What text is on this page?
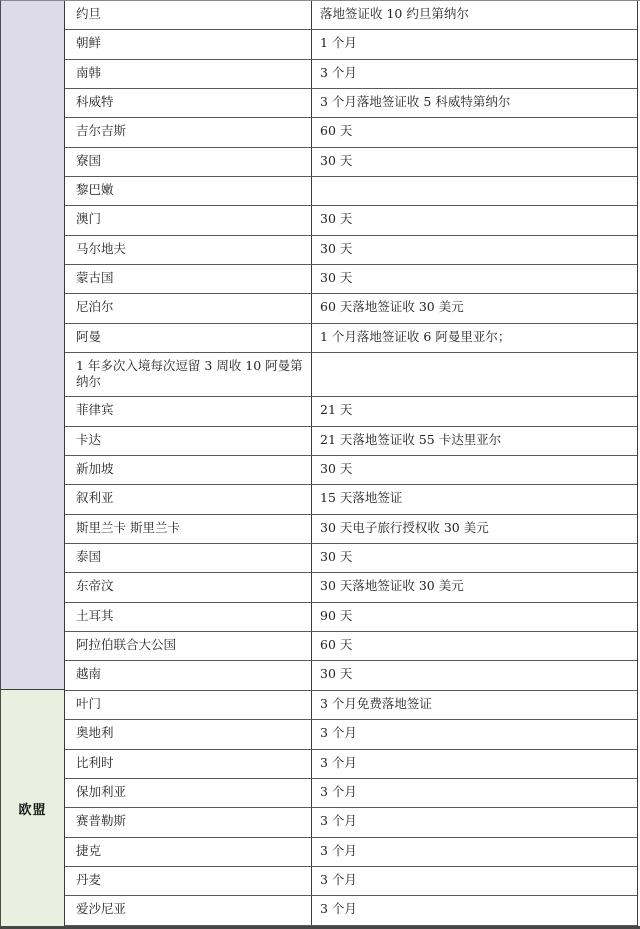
欧盟
约旦	落地签证收 10 约旦第纳尔
朝鲜	1 个月
南韩	3 个月
科威特	3 个月落地签证收 5 科威特第纳尔
吉尔吉斯	60 天
寮国	30 天
黎巴嫩
澳门	30 天
马尔地夫	30 天
蒙古国	30 天
尼泊尔	60 天落地签证收 30 美元
阿曼	1 个月落地签证收 6 阿曼里亚尔；
1 年多次入境每次逗留 3 周收 10 阿曼第纳尔
菲律宾	21 天
卡达	21 天落地签证收 55 卡达里亚尔
新加坡	30 天
叙利亚	15 天落地签证
斯里兰卡 斯里兰卡	30 天电子旅行授权收 30 美元
泰国	30 天
东帝汶	30 天落地签证收 30 美元
土耳其	90 天
阿拉伯联合大公国	60 天
越南	30 天
叶门	3 个月免费落地签证
奥地利	3 个月
比利时	3 个月
保加利亚	3 个月
赛普勒斯	3 个月
捷克	3 个月
丹麦	3 个月
爱沙尼亚	3 个月
